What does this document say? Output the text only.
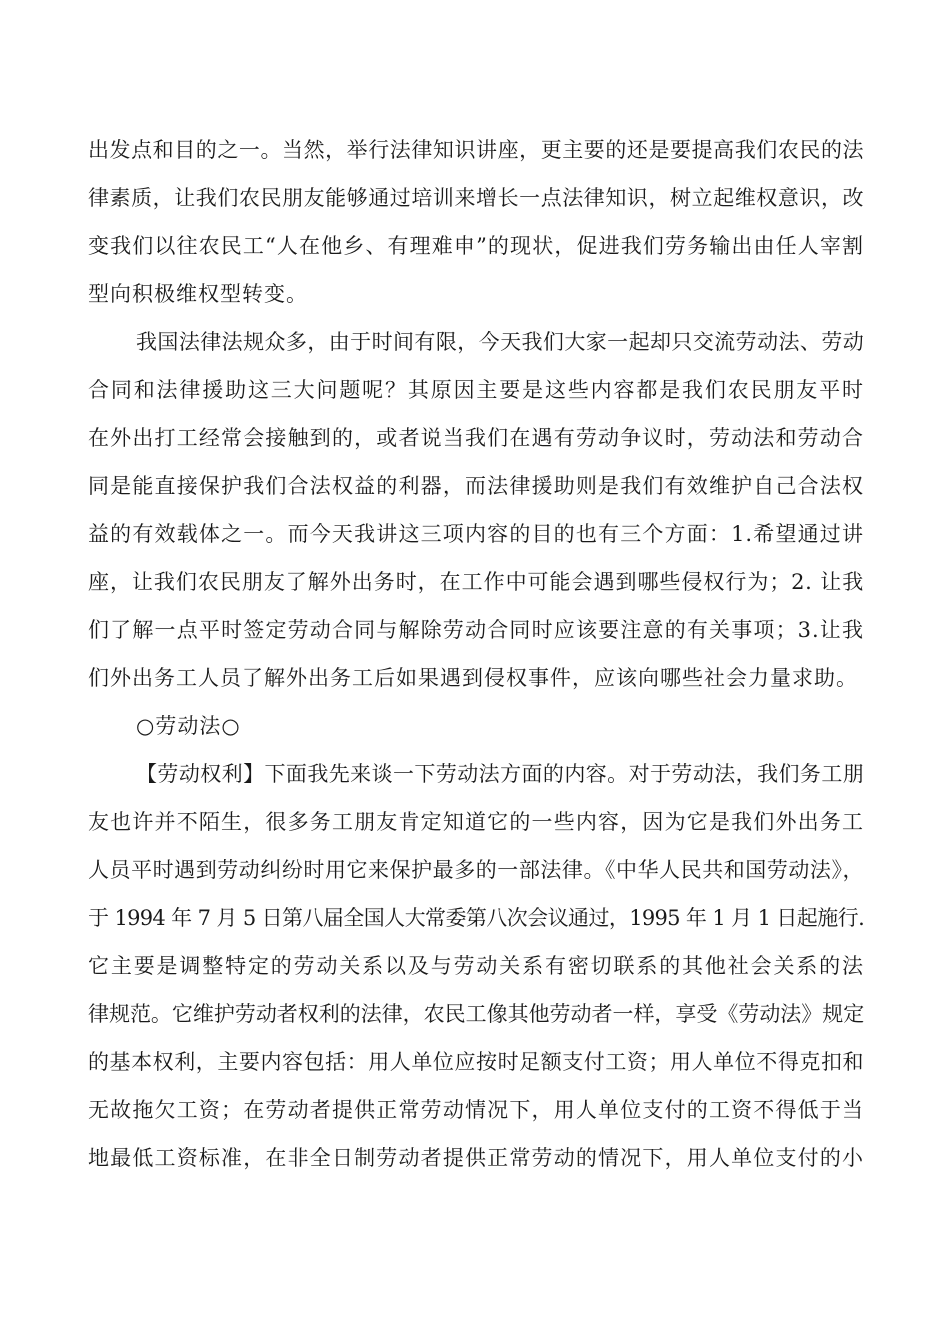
出发点和目的之一。当然，举行法律知识讲座，更主要的还是要提高我们农民的法
律素质，让我们农民朋友能够通过培训来增长一点法律知识，树立起维权意识，改
变我们以往农民工“人在他乡、有理难申”的现状，促进我们劳务输出由任人宰割
型向积极维权型转变。
我国法律法规众多，由于时间有限，今天我们大家一起却只交流劳动法、劳动
合同和法律援助这三大问题呢？其原因主要是这些内容都是我们农民朋友平时
在外出打工经常会接触到的，或者说当我们在遇有劳动争议时，劳动法和劳动合
同是能直接保护我们合法权益的利器，而法律援助则是我们有效维护自己合法权
益的有效载体之一。而今天我讲这三项内容的目的也有三个方面：1.希望通过讲
座，让我们农民朋友了解外出务时，在工作中可能会遇到哪些侵权行为；2. 让我
们了解一点平时签定劳动合同与解除劳动合同时应该要注意的有关事项；3.让我
们外出务工人员了解外出务工后如果遇到侵权事件，应该向哪些社会力量求助。
○劳动法○
【劳动权利】下面我先来谈一下劳动法方面的内容。对于劳动法，我们务工朋
友也许并不陌生，很多务工朋友肯定知道它的一些内容，因为它是我们外出务工
人员平时遇到劳动纠纷时用它来保护最多的一部法律。《中华人民共和国劳动法》，
于 1994 年 7 月 5 日第八届全国人大常委第八次会议通过，1995 年 1 月 1 日起施行.
它主要是调整特定的劳动关系以及与劳动关系有密切联系的其他社会关系的法
律规范。它维护劳动者权利的法律，农民工像其他劳动者一样，享受《劳动法》规定
的基本权利，主要内容包括：用人单位应按时足额支付工资；用人单位不得克扣和
无故拖欠工资；在劳动者提供正常劳动情况下，用人单位支付的工资不得低于当
地最低工资标准，在非全日制劳动者提供正常劳动的情况下，用人单位支付的小
